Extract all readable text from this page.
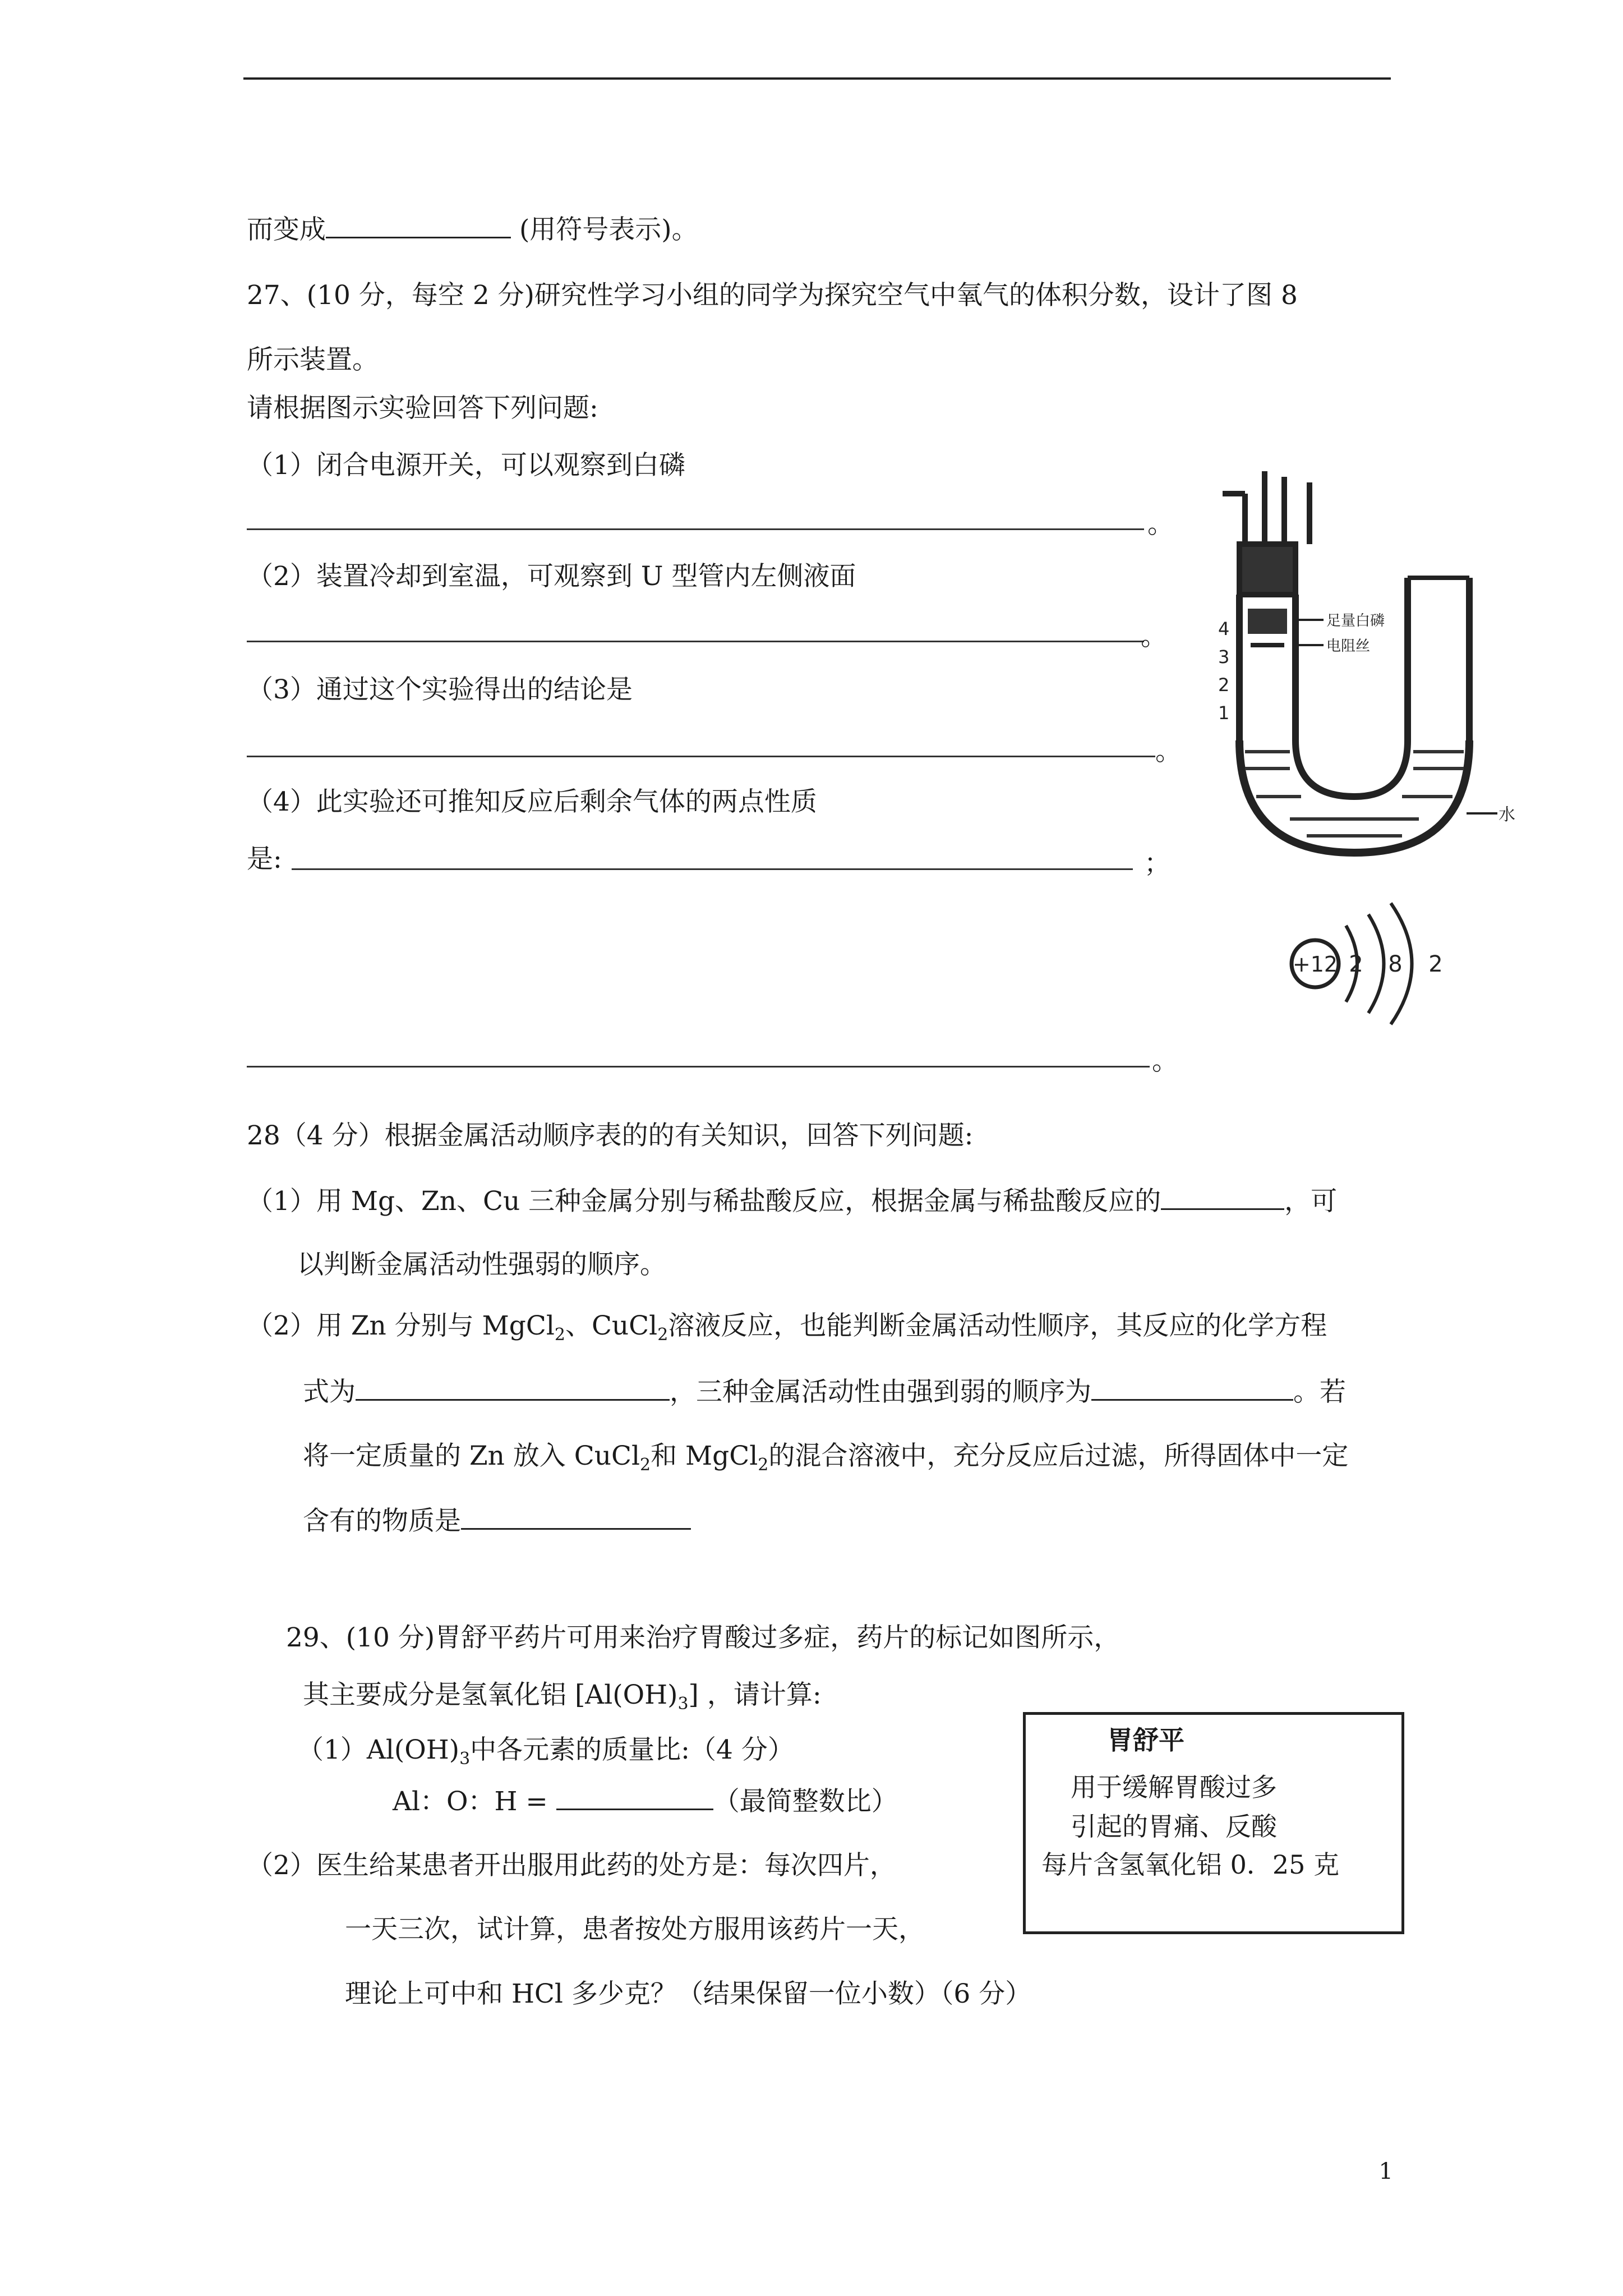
而变成	(用符号表示)。
27、(10 分，每空 2 分)研究性学习小组的同学为探究空气中氧气的体积分数，设计了图 8
所示装置。
请根据图示实验回答下列问题:
（1）闭合电源开关，可以观察到白磷
。
（2）装置冷却到室温，可观察到 U 型管内左侧液面
。
（3）通过这个实验得出的结论是
。
（4）此实验还可推知反应后剩余气体的两点性质
是:	；
。
水
足量白磷
电阻丝
4
3
2
1
+12 2 8 2
28（4 分）根据金属活动顺序表的的有关知识，回答下列问题:
（1）用 Mg、Zn、Cu 三种金属分别与稀盐酸反应，根据金属与稀盐酸反应的	，可
以判断金属活动性强弱的顺序。
（2）用 Zn 分别与 MgCl$_2$、CuCl$_2$溶液反应，也能判断金属活动性顺序，其反应的化学方程
式为	，三种金属活动性由强到弱的顺序为	。若
将一定质量的 Zn 放入 CuCl$_2$和 MgCl$_2$的混合溶液中，充分反应后过滤，所得固体中一定
含有的物质是
29、(10 分)胃舒平药片可用来治疗胃酸过多症，药片的标记如图所示，
其主要成分是氢氧化铝 $[Al(OH)_3]$ ，请计算:
$(1)Al(OH)_3$中各元素的质量比:（4 分）
Al：O：H =	（最简整数比）
（2）医生给某患者开出服用此药的处方是：每次四片，
一天三次，试计算，患者按处方服用该药片一天，
理论上可中和 HCl 多少克？（结果保留一位小数）（6 分）
胃舒平
用于缓解胃酸过多
引起的胃痛、反酸
每片含氢氧化铝 0．25 克
1
